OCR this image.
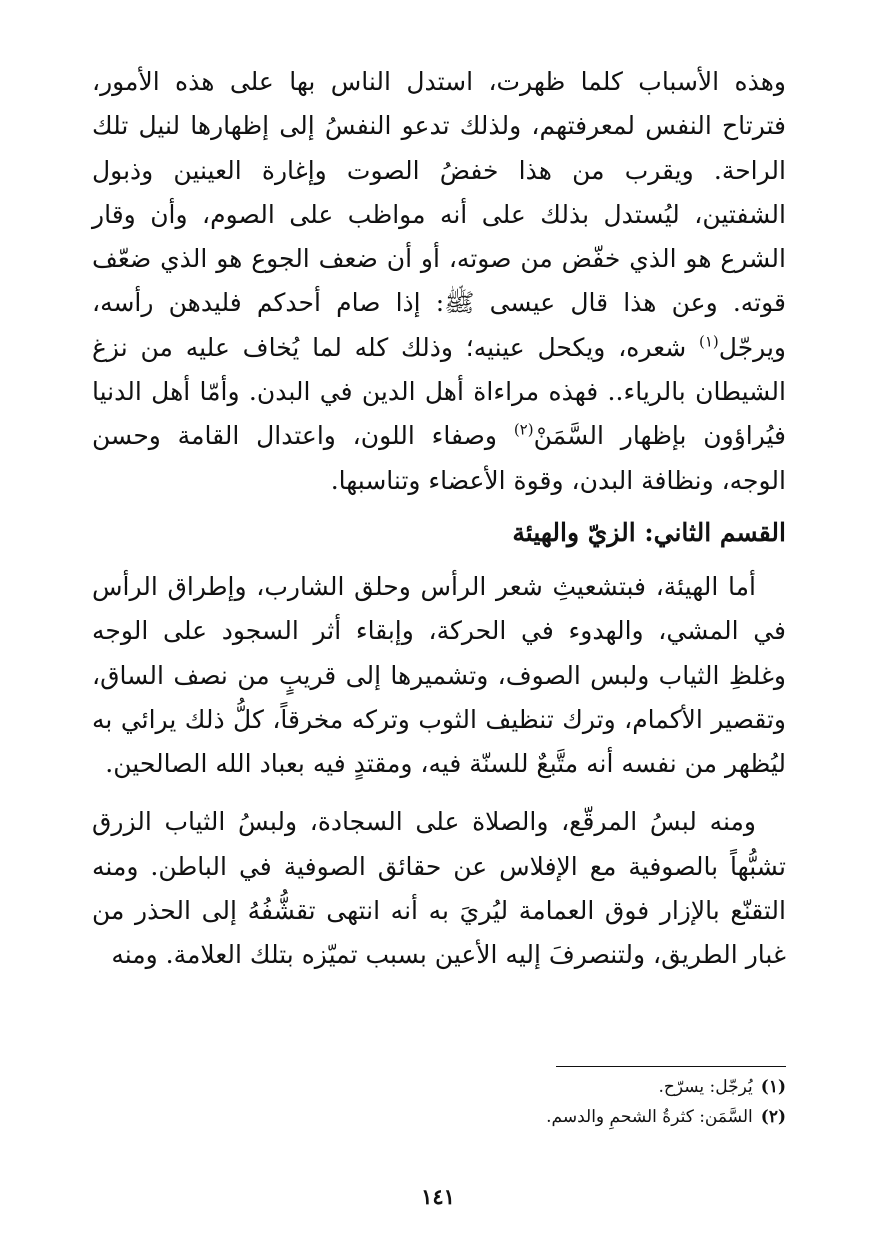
وهذه الأسباب كلما ظهرت، استدل الناس بها على هذه الأمور، فترتاح النفس لمعرفتهم، ولذلك تدعو النفسُ إلى إظهارها لنيل تلك الراحة. ويقرب من هذا خفضُ الصوت وإغارة العينين وذبول الشفتين، ليُستدل بذلك على أنه مواظب على الصوم، وأن وقار الشرع هو الذي خفّض من صوته، أو أن ضعف الجوع هو الذي ضعّف قوته. وعن هذا قال عيسى ﷺ: إذا صام أحدكم فليدهن رأسه، ويرجّل$^{(١)}$ شعره، ويكحل عينيه؛ وذلك كله لما يُخاف عليه من نزغ الشيطان بالرياء.. فهذه مراءاة أهل الدين في البدن. وأمّا أهل الدنيا فيُراؤون بإظهار السَّمَنْ$^{(٢)}$ وصفاء اللون، واعتدال القامة وحسن الوجه، ونظافة البدن، وقوة الأعضاء وتناسبها.

القسم الثاني: الزيّ والهيئة

أما الهيئة، فبتشعيثِ شعر الرأس وحلق الشارب، وإطراق الرأس في المشي، والهدوء في الحركة، وإبقاء أثر السجود على الوجه وغلظِ الثياب ولبس الصوف، وتشميرها إلى قريبٍ من نصف الساق، وتقصير الأكمام، وترك تنظيف الثوب وتركه مخرقاً، كلُّ ذلك يرائي به ليُظهر من نفسه أنه متَّبعٌ للسنّة فيه، ومقتدٍ فيه بعباد الله الصالحين.

ومنه لبسُ المرقّع، والصلاة على السجادة، ولبسُ الثياب الزرق تشبُّهاً بالصوفية مع الإفلاس عن حقائق الصوفية في الباطن. ومنه التقنّع بالإزار فوق العمامة ليُريَ به أنه انتهى تقشُّفُهُ إلى الحذر من غبار الطريق، ولتنصرفَ إليه الأعين بسبب تميّزه بتلك العلامة. ومنه

(١)يُرجّل: يسرّح.
(٢)السَّمَن: كثرةُ الشحمِ والدسم.
١٤١
